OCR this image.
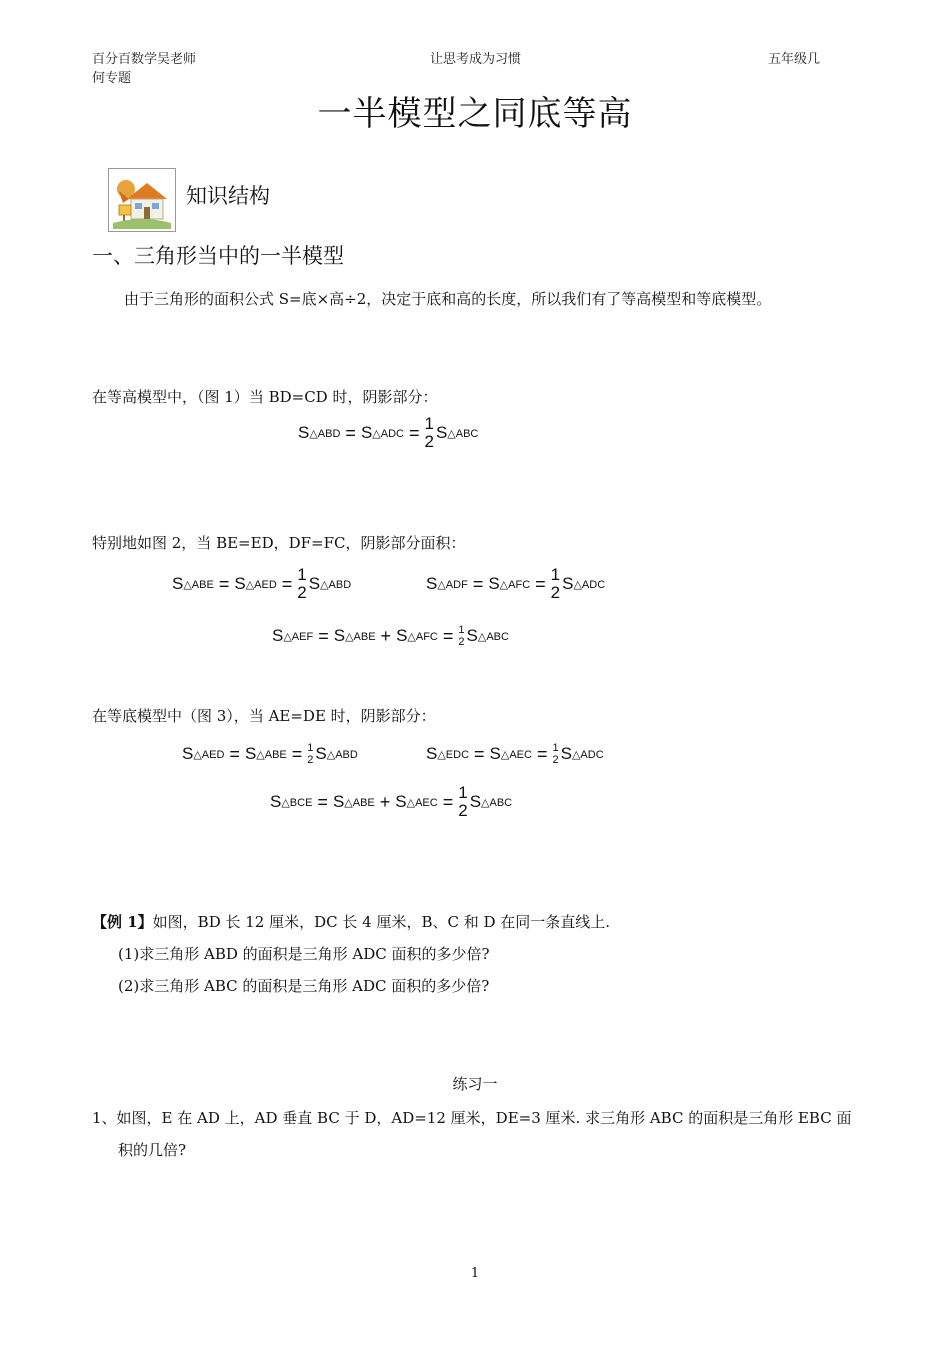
百分百数学吴老师
何专题
让思考成为习惯	五年级几
一半模型之同底等高
知识结构
一、三角形当中的一半模型
由于三角形的面积公式 S=底×高÷2，决定于底和高的长度，所以我们有了等高模型和等底模型。
在等高模型中，（图 1）当 BD=CD 时，阴影部分：
S △ABD = S △ADC = 1
2 S △ABC
特别地如图 2，当 BE=ED，DF=FC，阴影部分面积：
S △ABE = S △AED = 1
2 S △ABD	S △ADF = S △AFC = 1
2 S △ADC
S △AEF = S △ABE + S △AFC = 1
2 S △ABC
在等底模型中（图 3），当 AE=DE 时，阴影部分：
S △AED = S △ABE = 1
2 S △ABD	S △EDC = S △AEC = 1
2 S △ADC
S △BCE = S △ABE + S △AEC = 1
2 S △ABC
【例 1】如图，BD 长 12 厘米，DC 长 4 厘米，B、C 和 D 在同一条直线上.
(1)求三角形 ABD 的面积是三角形 ADC 面积的多少倍?
(2)求三角形 ABC 的面积是三角形 ADC 面积的多少倍?
练习一
1、如图，E 在 AD 上，AD 垂直 BC 于 D，AD=12 厘米，DE=3 厘米. 求三角形 ABC 的面积是三角形 EBC 面
积的几倍?
1
